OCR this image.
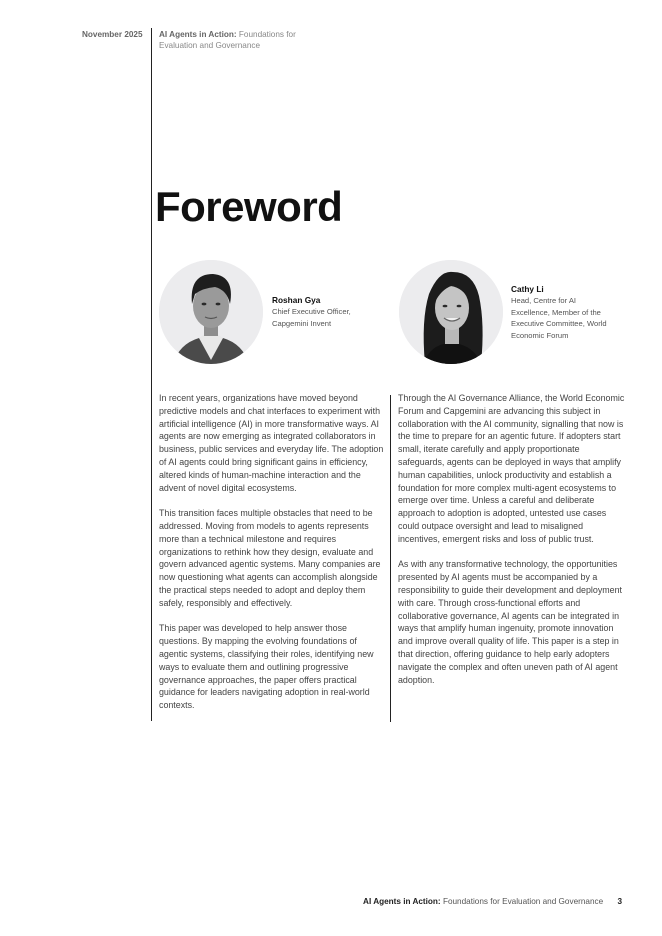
November 2025 AI Agents in Action: Foundations for Evaluation and Governance
Foreword
Roshan Gya
Chief Executive Officer, Capgemini Invent
Cathy Li
Head, Centre for AI Excellence, Member of the Executive Committee, World Economic Forum

In recent years, organizations have moved beyond predictive models and chat interfaces to experiment with artificial intelligence (AI) in more transformative ways. AI agents are now emerging as integrated collaborators in business, public services and everyday life. The adoption of AI agents could bring significant gains in efficiency, altered kinds of human-machine interaction and the advent of novel digital ecosystems.

This transition faces multiple obstacles that need to be addressed. Moving from models to agents represents more than a technical milestone and requires organizations to rethink how they design, evaluate and govern advanced agentic systems. Many companies are now questioning what agents can accomplish alongside the practical steps needed to adopt and deploy them safely, responsibly and effectively.

This paper was developed to help answer those questions. By mapping the evolving foundations of agentic systems, classifying their roles, identifying new ways to evaluate them and outlining progressive governance approaches, the paper offers practical guidance for leaders navigating adoption in real-world contexts.

Through the AI Governance Alliance, the World Economic Forum and Capgemini are advancing this subject in collaboration with the AI community, signalling that now is the time to prepare for an agentic future. If adopters start small, iterate carefully and apply proportionate safeguards, agents can be deployed in ways that amplify human capabilities, unlock productivity and establish a foundation for more complex multi-agent ecosystems to emerge over time. Unless a careful and deliberate approach to adoption is adopted, untested use cases could outpace oversight and lead to misaligned incentives, emergent risks and loss of public trust.

As with any transformative technology, the opportunities presented by AI agents must be accompanied by a responsibility to guide their development and deployment with care. Through cross-functional efforts and collaborative governance, AI agents can be integrated in ways that amplify human ingenuity, promote innovation and improve overall quality of life. This paper is a step in that direction, offering guidance to help early adopters navigate the complex and often uneven path of AI agent adoption.

AI Agents in Action: Foundations for Evaluation and Governance 3
